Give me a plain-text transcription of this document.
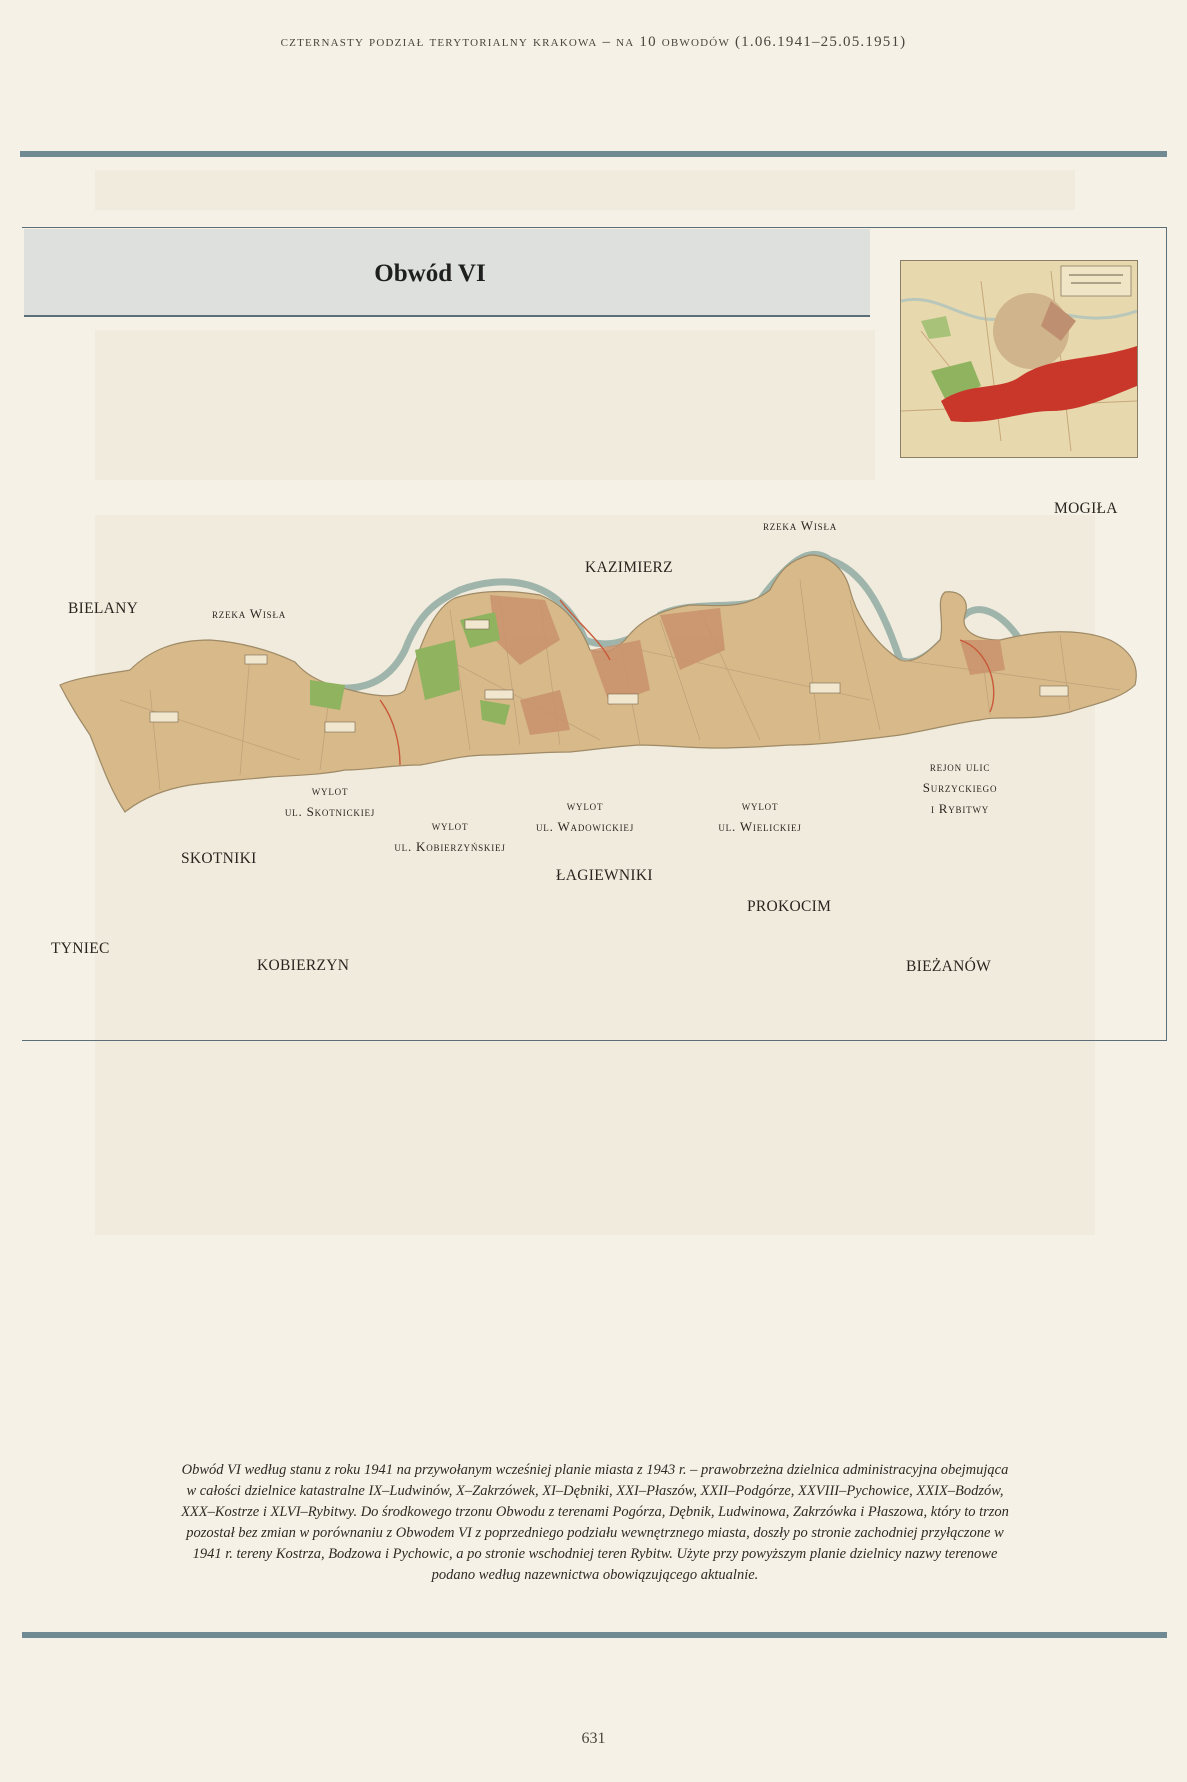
czternasty podział terytorialny krakowa – na 10 obwodów (1.06.1941–25.05.1951)
Obwód VI
BIELANY	rzeka Wisła
KAZIMIERZ
rzeka Wisła
MOGIŁA
wylot
ul. Skotnickiej
wylot
ul. Kobierzyńskiej
wylot
ul. Wadowickiej
wylot
ul. Wielickiej
rejon ulic
Surzyckiego
i Rybitwy
SKOTNIKI
ŁAGIEWNIKI
PROKOCIM
TYNIEC
KOBIERZYN	BIEŻANÓW
Obwód VI według stanu z roku 1941 na przywołanym wcześniej planie miasta z 1943 r. – prawobrzeżna dzielnica administracyjna obejmująca w całości dzielnice katastralne IX–Ludwinów, X–Zakrzówek, XI–Dębniki, XXI–Płaszów, XXII–Podgórze, XXVIII–Pychowice, XXIX–Bodzów, XXX–Kostrze i XLVI–Rybitwy. Do środkowego trzonu Obwodu z terenami Pogórza, Dębnik, Ludwinowa, Zakrzówka i Płaszowa, który to trzon pozostał bez zmian w porównaniu z Obwodem VI z poprzedniego podziału wewnętrznego miasta, doszły po stronie zachodniej przyłączone w 1941 r. tereny Kostrza, Bodzowa i Pychowic, a po stronie wschodniej teren Rybitw. Użyte przy powyższym planie dzielnicy nazwy terenowe podano według nazewnictwa obowiązującego aktualnie.
631
